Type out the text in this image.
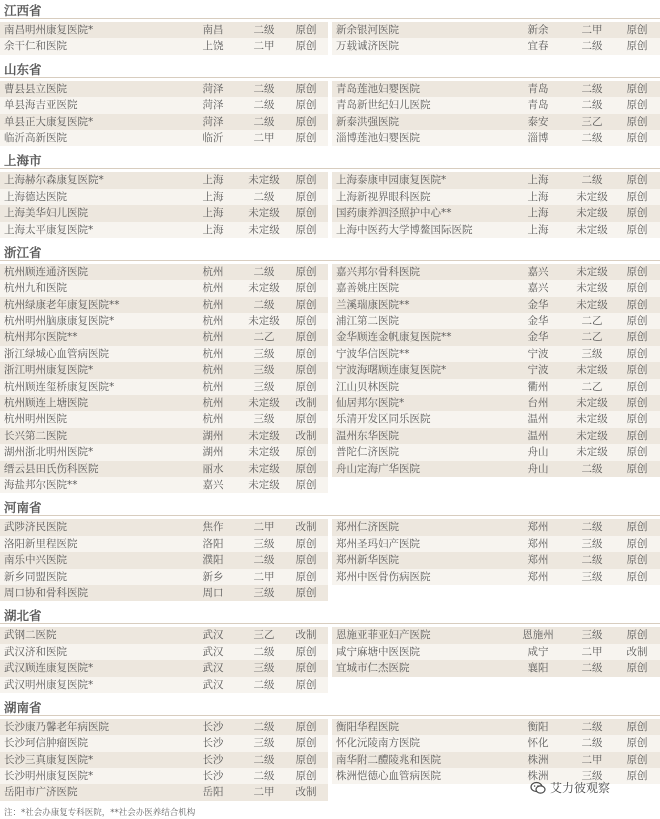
江西省
南昌明州康复医院*	南昌	二级	原创	新余银河医院	新余	二甲	原创
余干仁和医院	上饶	二甲	原创	万载诚济医院	宜春	二级	原创
山东省
曹县县立医院	菏泽	二级	原创	青岛莲池妇婴医院	青岛	二级	原创
单县海吉亚医院	菏泽	二级	原创	青岛新世纪妇儿医院	青岛	二级	原创
单县正大康复医院*	菏泽	二级	原创	新泰洪强医院	泰安	三乙	原创
临沂高新医院	临沂	二甲	原创	淄博莲池妇婴医院	淄博	二级	原创
上海市
上海赫尔森康复医院*	上海	未定级	原创	上海泰康申园康复医院*	上海	二级	原创
上海德达医院	上海	二级	原创	上海新视界眼科医院	上海	未定级	原创
上海美华妇儿医院	上海	未定级	原创	国药康养泗泾照护中心**	上海	未定级	原创
上海太平康复医院*	上海	未定级	原创	上海中医药大学博鳌国际医院	上海	未定级	原创
浙江省
杭州顾连通济医院	杭州	二级	原创	嘉兴邦尔骨科医院	嘉兴	未定级	原创
杭州九和医院	杭州	未定级	原创	嘉善姚庄医院	嘉兴	未定级	原创
杭州绿康老年康复医院**	杭州	二级	原创	兰溪瑞康医院**	金华	未定级	原创
杭州明州脑康康复医院*	杭州	未定级	原创	浦江第二医院	金华	二乙	原创
杭州邦尔医院**	杭州	二乙	原创	金华顾连金帆康复医院**	金华	二乙	原创
浙江绿城心血管病医院	杭州	三级	原创	宁波华信医院**	宁波	三级	原创
浙江明州康复医院*	杭州	三级	原创	宁波海曙顾连康复医院*	宁波	未定级	原创
杭州顾连玺桥康复医院*	杭州	三级	原创	江山贝林医院	衢州	二乙	原创
杭州顾连上塘医院	杭州	未定级	改制	仙居邦尔医院*	台州	未定级	原创
杭州明州医院	杭州	三级	原创	乐清开发区同乐医院	温州	未定级	原创
长兴第二医院	湖州	未定级	改制	温州东华医院	温州	未定级	原创
湖州浙北明州医院*	湖州	未定级	原创	普陀仁济医院	舟山	未定级	原创
缙云县田氏伤科医院	丽水	未定级	原创	舟山定海广华医院	舟山	二级	原创
海盐邦尔医院**	嘉兴	未定级	原创
河南省
武陟济民医院	焦作	二甲	改制	郑州仁济医院	郑州	二级	原创
洛阳新里程医院	洛阳	三级	原创	郑州圣玛妇产医院	郑州	三级	原创
南乐中兴医院	濮阳	二级	原创	郑州新华医院	郑州	二级	原创
新乡同盟医院	新乡	二甲	原创	郑州中医骨伤病医院	郑州	三级	原创
周口协和骨科医院	周口	三级	原创
湖北省
武钢二医院	武汉	三乙	改制	恩施亚菲亚妇产医院	恩施州	三级	原创
武汉济和医院	武汉	二级	原创	咸宁麻塘中医医院	咸宁	二甲	改制
武汉顾连康复医院*	武汉	三级	原创	宜城市仁杰医院	襄阳	二级	原创
武汉明州康复医院*	武汉	二级	原创
湖南省
长沙康乃馨老年病医院	长沙	二级	原创	衡阳华程医院	衡阳	二级	原创
长沙珂信肿瘤医院	长沙	三级	原创	怀化沅陵南方医院	怀化	二级	原创
长沙三真康复医院*	长沙	二级	原创	南华附二醴陵兆和医院	株洲	二甲	原创
长沙明州康复医院*	长沙	二级	原创	株洲恺德心血管病医院	株洲	三级	原创
岳阳市广济医院	岳阳	二甲	改制
注：*社会办康复专科医院，**社会办医养结合机构
艾力彼观察
